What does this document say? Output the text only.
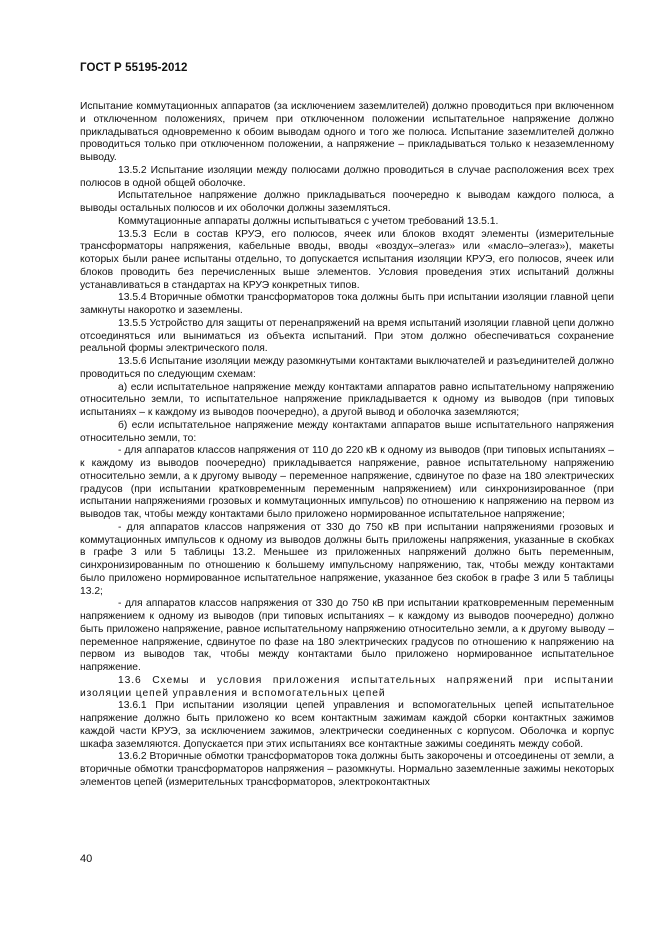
ГОСТ Р 55195-2012

Испытание коммутационных аппаратов (за исключением заземлителей) должно проводиться при включенном и отключенном положениях, причем при отключенном положении испытательное напряжение должно прикладываться одновременно к обоим выводам одного и того же полюса. Испытание заземлителей должно проводиться только при отключенном положении, а напряжение – прикладываться только к незаземленному выводу.

13.5.2 Испытание изоляции между полюсами должно проводиться в случае расположения всех трех полюсов в одной общей оболочке.

Испытательное напряжение должно прикладываться поочередно к выводам каждого полюса, а выводы остальных полюсов и их оболочки должны заземляться.

Коммутационные аппараты должны испытываться с учетом требований 13.5.1.

13.5.3 Если в состав КРУЭ, его полюсов, ячеек или блоков входят элементы (измерительные трансформаторы напряжения, кабельные вводы, вводы «воздух–элегаз» или «масло–элегаз»), макеты которых были ранее испытаны отдельно, то допускается испытания изоляции КРУЭ, его полюсов, ячеек или блоков проводить без перечисленных выше элементов. Условия проведения этих испытаний должны устанавливаться в стандартах на КРУЭ конкретных типов.

13.5.4 Вторичные обмотки трансформаторов тока должны быть при испытании изоляции главной цепи замкнуты накоротко и заземлены.

13.5.5 Устройство для защиты от перенапряжений на время испытаний изоляции главной цепи должно отсоединяться или выниматься из объекта испытаний. При этом должно обеспечиваться сохранение реальной формы электрического поля.

13.5.6 Испытание изоляции между разомкнутыми контактами выключателей и разъединителей должно проводиться по следующим схемам:

а) если испытательное напряжение между контактами аппаратов равно испытательному напряжению относительно земли, то испытательное напряжение прикладывается к одному из выводов (при типовых испытаниях – к каждому из выводов поочередно), а другой вывод и оболочка заземляются;

б) если испытательное напряжение между контактами аппаратов выше испытательного напряжения относительно земли, то:

- для аппаратов классов напряжения от 110 до 220 кВ к одному из выводов (при типовых испытаниях – к каждому из выводов поочередно) прикладывается напряжение, равное испытательному напряжению относительно земли, а к другому выводу – переменное напряжение, сдвинутое по фазе на 180 электрических градусов (при испытании кратковременным переменным напряжением) или синхронизированное (при испытании напряжениями грозовых и коммутационных импульсов) по отношению к напряжению на первом из выводов так, чтобы между контактами было приложено нормированное испытательное напряжение;

- для аппаратов классов напряжения от 330 до 750 кВ при испытании напряжениями грозовых и коммутационных импульсов к одному из выводов должны быть приложены напряжения, указанные в скобках в графе 3 или 5 таблицы 13.2. Меньшее из приложенных напряжений должно быть переменным, синхронизированным по отношению к большему импульсному напряжению, так, чтобы между контактами было приложено нормированное испытательное напряжение, указанное без скобок в графе 3 или 5 таблицы 13.2;

- для аппаратов классов напряжения от 330 до 750 кВ при испытании кратковременным переменным напряжением к одному из выводов (при типовых испытаниях – к каждому из выводов поочередно) должно быть приложено напряжение, равное испытательному напряжению относительно земли, а к другому выводу – переменное напряжение, сдвинутое по фазе на 180 электрических градусов по отношению к напряжению на первом из выводов так, чтобы между контактами было приложено нормированное испытательное напряжение.

13.6 Схемы и условия приложения испытательных напряжений при испытании изоляции цепей управления и вспомогательных цепей

13.6.1 При испытании изоляции цепей управления и вспомогательных цепей испытательное напряжение должно быть приложено ко всем контактным зажимам каждой сборки контактных зажимов каждой части КРУЭ, за исключением зажимов, электрически соединенных с корпусом. Оболочка и корпус шкафа заземляются. Допускается при этих испытаниях все контактные зажимы соединять между собой.

13.6.2 Вторичные обмотки трансформаторов тока должны быть закорочены и отсоединены от земли, а вторичные обмотки трансформаторов напряжения – разомкнуты. Нормально заземленные зажимы некоторых элементов цепей (измерительных трансформаторов, электроконтактных

40
